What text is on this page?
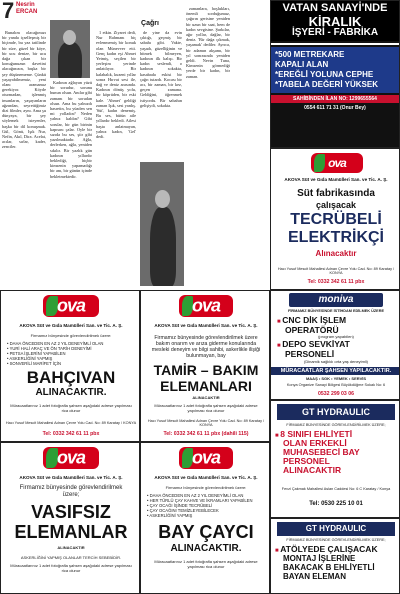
7 Nesrin
ERCAN
Çağrı

Bunalım olacağımızı bir yanda içselleşmiş bir biçimde, bu yaz tatilinde bir süre, güzel bir köye, bir ucu denize, bir ucu dağa çıkan bir konuğunuzun davetini alacağınızın, başka bir şey düşünememe. Çünkü yaşayabilmemiz, yeni olanı aramamız gerekiyor. Köyde oturmadan, işlenmiş insanların, yaşayanların ağzından, seyrettiğimiz dizi filmler, aynı. Ama şu dünyaya, bir şey söylemek isteyenler, başka bir dil konuşmak. Gül, Gönü, Işık Nur, Nefin, Akıl, Dira. Acelat, acılar, sırlar, kader, zenciler.

Kadının ağlayan yüzü bir sorudur, sorunu bunun olsun. Anılar gibi zamanı bir sorudan olsun. Ama bu yalnızdı hasretin, bu yüzden sen mi yolladın? Neden yalnız kaldın? Gibi sorular, bir gün birinin kapısını çalar. Oyle bir sızıda bu ses, şiir gibi yazılmaktadır. Ağla, derlerken, ağla, yeniden sıkılır. Bir yazlık gün kadının yıllardır beklediği, hiçbir kimsenin yapamadığı bir anı, bir günün içinde bekletmektedir.

1 etkin. Ziyaret dedi, Nur Rahmanı hiç evlenmemiş bir konuk olan Münevver etti. Genç kadın eşi Ahmet Yetmiş, seçilen bir yerleşim yerinde anlatılıyor. Bir kalabalık, kuzeni yıllar sonra Hırvat sesi ile, dağ ve deniz arasında. Kadının dönüş yolu, bir köprüden, bir eski kale. 'Ahmet' geldiği zaman Işık, sesi yanlış. 'Süt', kadın denemiş. Bu ses, bütün aile yıllardır bekledi. Ailesi başta anlatmayan, yalnız kadın, 'Gel' dedi.

de yine da evin çıktığı, geçmiş bir sabahı gibi. Vakte, yaşadı, güzelliğinin ve bitmek bilmeyen, kadının ilk kalışı. Bir kadın seslendi, o kadının sokakta, kasabada eskisi bir çağrı tutardı. Kocası bir acı, bir zaman, bir kez, geçen zamana. Geldiğini, öğrenmek istiyordu. Bir sabahın gelişiydi, sokakta.

zamanlara, hoşlukları, önemli sorduğumuz, çağırın gerisine yeniden bir uzun bir saat, hem de kadın sevgisine. Şarkılar, ağır yollar, dağlar, bir deniz. 'Bir dağa çıkmak, yaşamak' dediler. Ayrıca, bir adamın akşamı, bir yıl sonrasında yeniden geldi. Nevin Tuna, Kimsenin görmediği yerde bir kadın, bir zaman.

VATAN SANAYİ'NDE
KİRALIK
İŞYERİ - FABRİKA
*500 METREKARE
KAPALI ALAN
*EREĞLİ YOLUNA CEPHE
*TABELA DEĞERİ YÜKSEK
SAHİBİNDEN İLAN NO: 1299655564
0554 611 71 31 (Onur Bey)
ova
AKOVA Süt ve Gıda Mamülleri San. ve Tic. A. Ş.
Süt fabrikasında
çalışacak
TECRÜBELİ
ELEKTRİKÇİ
Alınacaktır
Hacı Yusuf Mescit Mahallesi Adnan Çevre Yolu Cad. No: 89 Karatay / KONYA
Tel: 0332 342 61 11 pbx
ova
AKOVA Süt ve Gıda Mamülleri San. ve Tic. A. Ş.
Firmamız bünyesinde görevlendirilmek üzere:
• DAHA ÖNCEDEN EN AZ 2 YIL DENEYİMLİ OLAN
• YURİ HALİ ARAÇ VE ÖN TARİH DENEYİMİ
• PETSA İŞLERİNİ YAPABİLEN
• ASKERLİĞİNİ YAPMIŞ
• SONVERİLİ MARİFET İÇİN
BAHÇIVAN
ALINACAKTIR.
Müracaatlarınız 1 adet fotoğrafla şahsen aşağıdaki adrese yapılması rica olunur
Hacı Yusuf Mescit Mahallesi Adnan Çevre Yolu Cad. No: 89 Karatay / KONYA
Tel: 0332 342 61 11 pbx
ova
AKOVA Süt ve Gıda Mamülleri San. ve Tic. A. Ş.
Firmamız bünyesinde görevlendirilmek üzere bakım onarım ve arıza giderme konularında mesleki deneyim ve bilgi sahibi, askerlikle ilişiği bulunmayan, bay
TAMİR – BAKIM
ELEMANLARI
ALINACAKTIR
Müracaatlarınız 1 adet fotoğrafla şahsen aşağıdaki adrese yapılması rica olunur
Hacı Yusuf Mescit Mahallesi Adnan Çevre Yolu Cad. No: 89 Karatay / KONYA
Tel: 0332 342 61 11 pbx (dahili 115)
moniva
FİRMAMIZ BÜNYESİNDE İSTİHDAM EDİLMEK ÜZERE
■ CNC DİK İŞLEM
OPERATÖRÜ
(program yapabilen)
■ DEPO SEVKİYAT
PERSONELİ
(Dinamik sağlıklı orta yaş deneyimli)
MÜRACAATLAR ŞAHSEN YAPILACAKTIR.
MAAŞ • SGK • YEMEK • SERVİS
Konya Organize Sanayi Bölgesi Büyükdüğme Sokak No: 6
0532 299 03 06
GT HYDRAULIC
FİRMAMIZ BÜNYESİNDE GÖREVLENDİRİLMEK ÜZERE;
■ 8 SINIFI EHLİYETİ
OLAN ERKEKLİ
MUHASEBECİ BAY
PERSONEL
ALINACAKTIR
Fevzi Çakmak Mahallesi Aslan Caddesi No: 6 C Karatay / Konya
Tel: 0530 225 10 01
ova
AKOVA Süt ve Gıda Mamülleri San. ve Tic. A. Ş.
Firmamız bünyesinde görevlendirilmek üzere;
VASIFSIZ
ELEMANLAR
ALINACAKTIR
ASKERLİĞİNİ YAPMIŞ OLANLAR TERCİH SEBEBİDİR.
Müracaatlarınız 1 adet fotoğrafla şahsen aşağıdaki adrese yapılması rica olunur
ova
AKOVA Süt ve Gıda Mamülleri San. ve Tic. A. Ş.
Firmamız bünyesinde görevlendirilmek üzere:
• DAHA ÖNCEDEN EN AZ 2 YIL DENEYİMLİ OLAN
• HER TÜRLÜ ÇAY KAHVE VE İKRAMLARI YAPABİLEN
• ÇAY OCAĞI İŞİNDE TECRÜBELİ
• ÇAY OCAĞINI TEMİZLEYEBİLECEK
• ASKERLİĞİNİ YAPMIŞ
BAY ÇAYCI
ALINACAKTIR.
Müracaatlarınız 1 adet fotoğrafla şahsen aşağıdaki adrese yapılması rica olunur
GT HYDRAULIC
FİRMAMIZ BÜNYESİNDE GÖREVLENDİRİLMEK ÜZERE;
■ ATÖLYEDE ÇALIŞACAK
MONTAJ İŞLERİNE
BAKACAK B EHLİYETLİ
BAYAN ELEMAN
